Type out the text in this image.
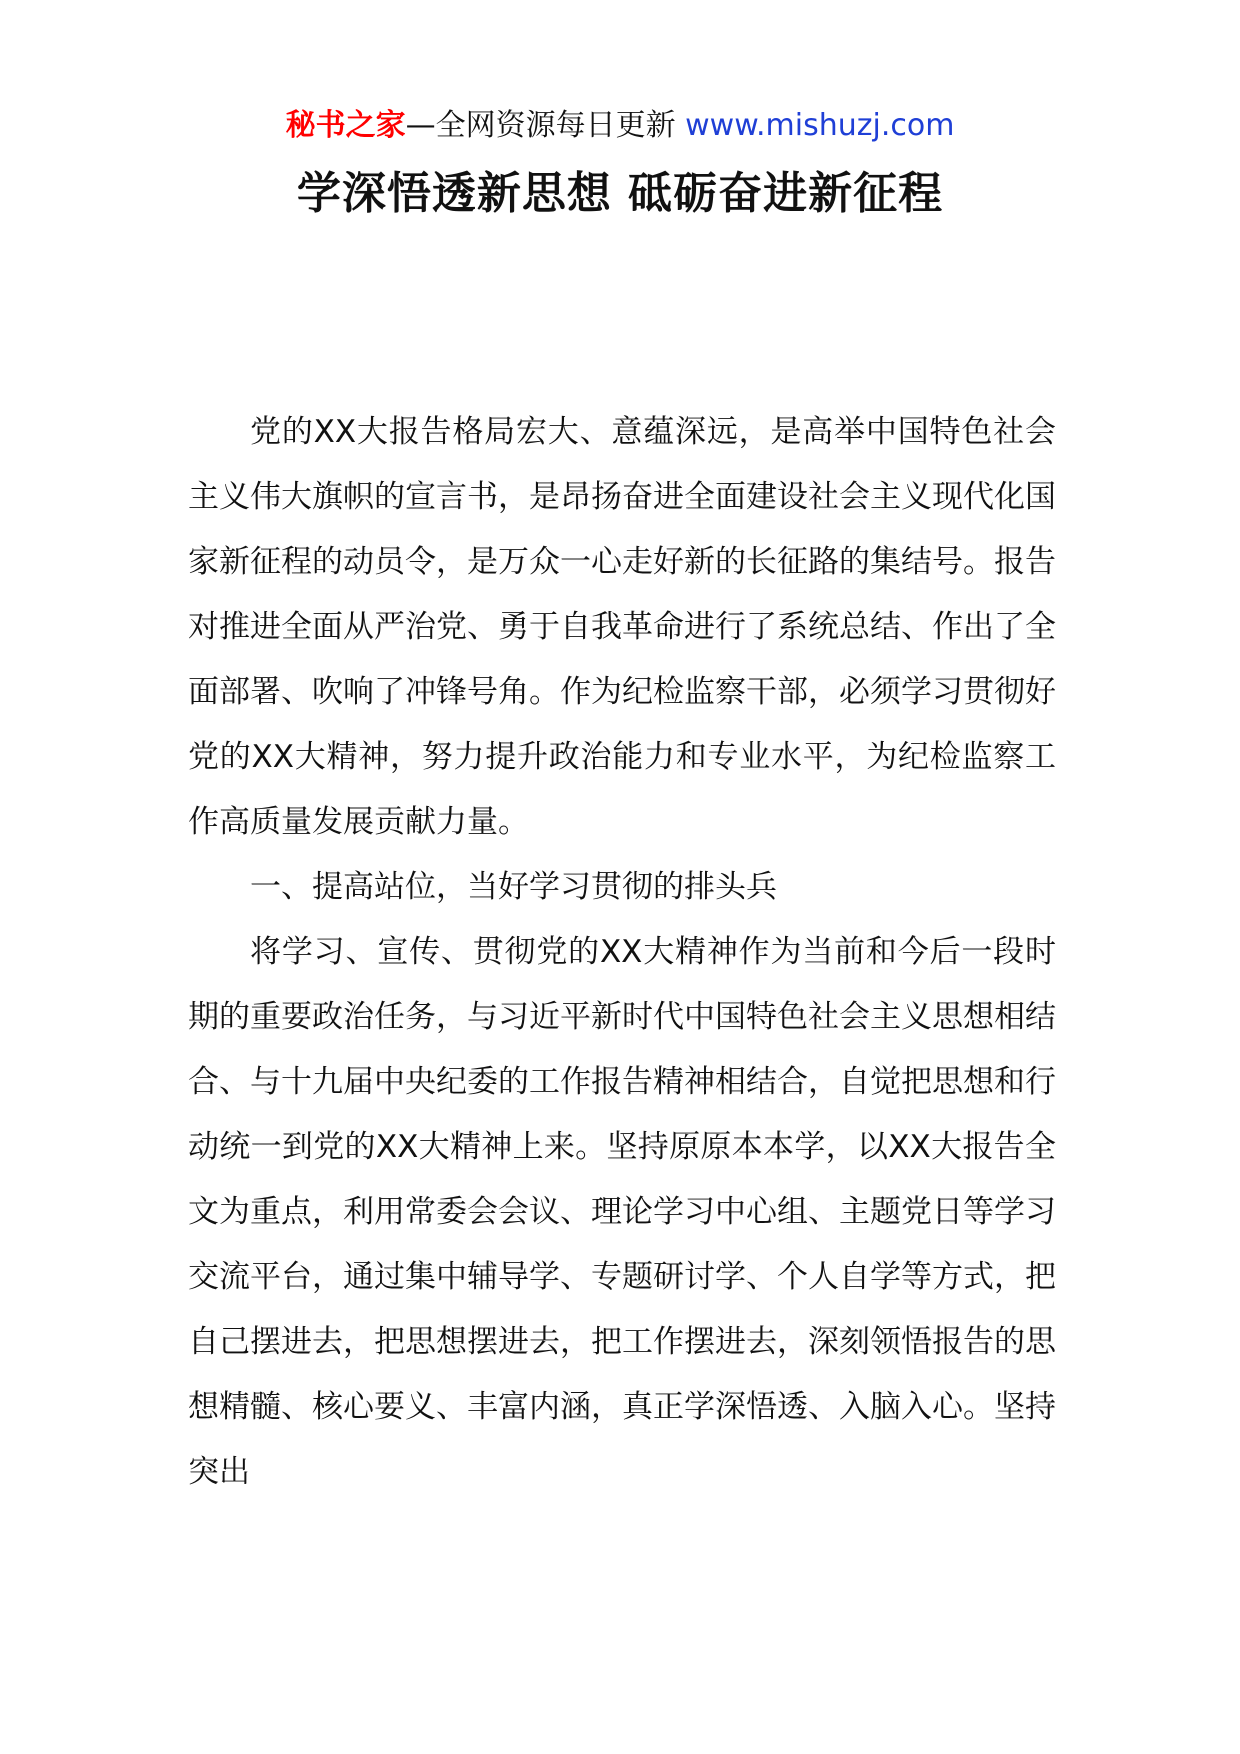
秘书之家—全网资源每日更新 www.mishuzj.com
学深悟透新思想 砥砺奋进新征程

党的XX大报告格局宏大、意蕴深远，是高举中国特色社会主义伟大旗帜的宣言书，是昂扬奋进全面建设社会主义现代化国家新征程的动员令，是万众一心走好新的长征路的集结号。报告对推进全面从严治党、勇于自我革命进行了系统总结、作出了全面部署、吹响了冲锋号角。作为纪检监察干部，必须学习贯彻好党的XX大精神，努力提升政治能力和专业水平，为纪检监察工作高质量发展贡献力量。

一、提高站位，当好学习贯彻的排头兵

将学习、宣传、贯彻党的XX大精神作为当前和今后一段时期的重要政治任务，与习近平新时代中国特色社会主义思想相结合、与十九届中央纪委的工作报告精神相结合，自觉把思想和行动统一到党的XX大精神上来。坚持原原本本学，以XX大报告全文为重点，利用常委会会议、理论学习中心组、主题党日等学习交流平台，通过集中辅导学、专题研讨学、个人自学等方式，把自己摆进去，把思想摆进去，把工作摆进去，深刻领悟报告的思想精髓、核心要义、丰富内涵，真正学深悟透、入脑入心。坚持突出
